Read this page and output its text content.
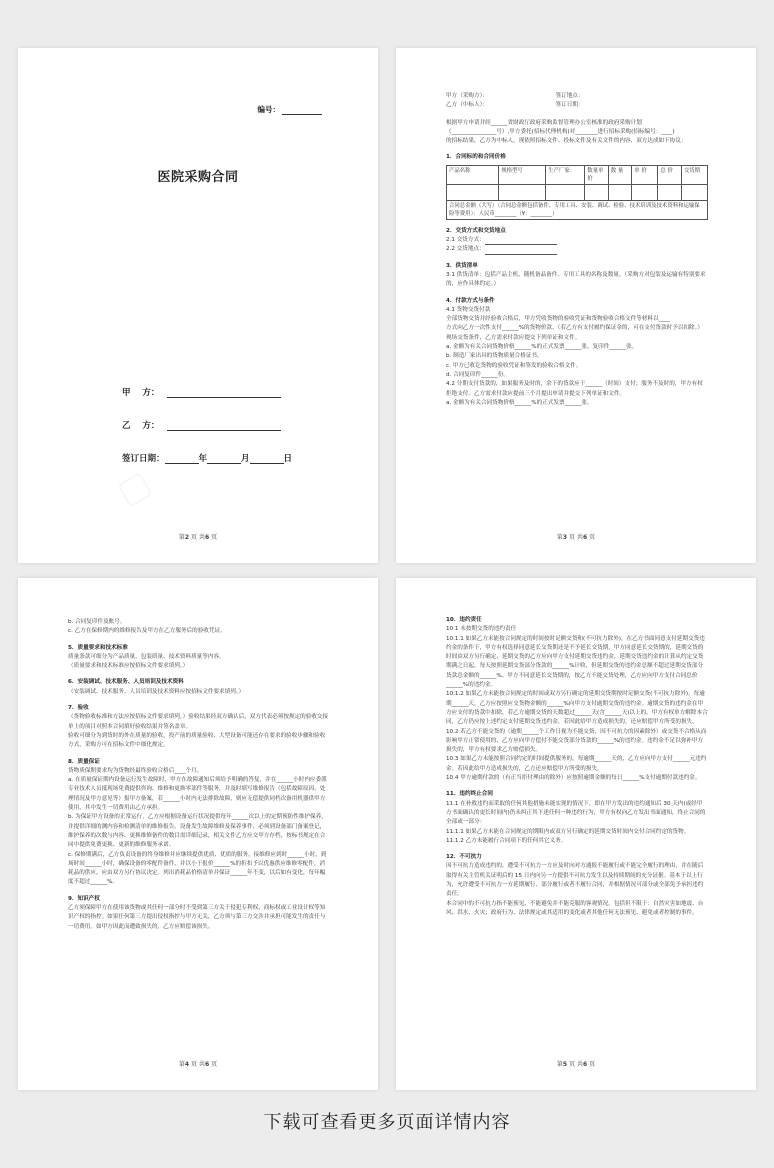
编号：
医院采购合同
甲    方：
乙    方：
签订日期：	年	月	日
第2 页 共6 页

甲方（采购方）：                                      签订地点：

乙方（中标人）：                                      签订日期：

根据甲方申请并经______省财政厅政府采购监督管理办公室核准的政府采购计划

（________________号）,甲方委托(招标代理机构)对________进行招标采购(招标编号：____)

的招标结果，乙方为中标人，现依照招标文件、投标文件及有关文件的内容，双方达成如下协议：

1．合同标的和合同价格

产品名称	规格型号	生产厂家	数量单价	数 量	单 价	总 价	交货期

合同总金额（大写）（合同总金额包括备件、专用工具、安装、调试、检验、技术培训及技术资料和运输保险等费用）：人民币________（¥：________）							

2．交货方式和交货地点

2.1 交货方式：

2.2 交货地点：

3．供货清单

3.1 供货清单：包括产品主机、随机备品备件、专用工具的名称及数量。（采购方对包装及运输有特别要求的，应作具体约定。）

4．付款方式与条件

4.1 货物交货付款

全部货物交货并经验收合格后，甲方凭收货物的验收凭证和货物验收合格文件等材料以____

方式向乙方一次性支付______%的货物价款。（若乙方有支付履约保证金的，可在支付货款时予以扣除。）

现场交货条件，乙方需求付款应提交下列单证和文件。

a. 金额为有关合同货物价格______%的正式发票______张，复印件______张。

b. 制造厂家出具的货物质量合格证书。

c. 甲方已收讫货物的验收凭证和签发的验收合格文件。

d. 合同复印件______份。

4.2 分期支付货款的，如果服务及时的，余下的货款应于______（时间）支付；服务不及时的，甲方有权拒绝支付。乙方需求付款应提前三个月提出申请并提交下列单证和文件。

a. 金额为有关合同货物价格______%的正式发票______张。

第3 页 共6 页

b. 合同复印件及账号。

c. 乙方在保修期内的维修报告及甲方在乙方服务后的验收凭证。

5．质量要求和技术标准

质量条款可细分为产品质量、包装质量、技术资料质量等内容。

（质量要求和技术标准应按招标文件要求填列。）

6．安装调试、技术服务、人员培训及技术资料

（安装调试、技术服务、人员培训及技术资料应按招标文件要求填列。）

7．验收

（货物验收标准和方法应按招标文件要求填列。）验收结果经双方确认后，双方代表必须按规定的验收交接单上的项目对照本合同填好验收结果并签名盖章。

验收可细分为到货时的外在质量的验收，投产前的质量验收，大型设备可能还存在要求的验收步骤和验收方式，采购方可在招标文件中细化规定。

8．质量保证

货物质保期要求均为货物经最终验收合格后____个月。

a. 在质量保证期内设备运行发生故障时，甲方在故障通知后须给予明确的答复，并在______小时内应委派专业技术人员抵现场免费提供咨询、维修和更换零部件等服务，并及时填写维修报告（包括故障原因、处理情况及甲方意见等）报甲方备案，若______小时内无法排除故障，则应无偿提供同档次备用机器供甲方使用，其中发生一切费用由乙方承担。

b. 为保证甲方设备的正常运行，乙方应根据设备运行状况提供每年______次以上的定期预防性维护保养，并提供详细的测内容和检测清单的维修报告。设备发生故障维修及保养事件，必须到设备部门备案登记，维护保养的次数与内容、更换维修备件的数目需详细记录，相关文件乙方应交甲方存档，按标书规定在合同中提供免费更换、更新的维修服务承诺。

c. 保修期满后，乙方负责设备的终身维修并应继续提供优质、优质的服务，接维修应到时______小时，到场时间______小时，确保设备的零配件备件，并以小于报价______%的折扣予以优惠供应维修零配件。消耗品的供应，应由双方另行协议决定。列出消耗品价格清单并保证______年不变，以后如有变化，每年幅度不超过______%。

9．知识产权

乙方须保障甲方在使用该货物或其任何一部分时不受到第三方关于侵犯专利权、商标权或工业设计权等知识产权的指控。如果任何第三方提出侵权指控与甲方无关，乙方须与第三方交涉并承担可能发生的责任与一切费用。如甲方因此而遭致损失的，乙方应赔偿该损失。

第4 页 共6 页

10．违约责任

10.1 未按期交货的违约责任

10.1.1 如果乙方未能按合同规定的时间按时足额交货和(不可抗力除外)，在乙方书面同意支付延期交货违约金的条件下，甲方有权选择同意延长交货期还是不予延长交货期，甲方同意延长交货期的，延期交货的时间由双方另行确定，延期交货的乙方应向甲方支付延期交货违约金，延期交货违约金的计算从约定交货期满之日起，每天按照延期交货部分货款的______%计收，但延期交货的违约金总额不超过延期交货部分货款总金额的______%。甲方不同意延长交货期的，按乙方不能交货处理，乙方应向甲方支付合同总价______%的违约金。

10.1.2 如果乙方未能按合同规定的时间或双方另行确定的延期交货期按时足额交货(不可抗力除外)，每逾期______天，乙方应按照应交货物金额的______%向甲方支付逾期交货的违约金。逾期交货的违约金在甲方应支付的货款中扣除，若乙方逾期交货的天数超过______天(含______天)以上的，甲方有权单方解除本合同，乙方仍应按上述约定支付延期交货违约金，若因此给甲方造成损失的，还应赔偿甲方所受的损失。

10.2 若乙方不能交货的（逾期______个工作日视为不能交货，因不可抗力的因素除外）或交货不合格从而影响甲方正常使用的，乙方应向甲方偿付不能交货部分货款的______%的违约金。违约金不足以弥补甲方损失的，甲方有权要求乙方赔偿损失。

10.3 如果乙方未能按照合同约定的时间提供服务的，每逾期______天的，乙方应向甲方支付______元违约金。若因此给甲方造成损失的，乙方还应赔偿甲方所受的损失。

10.4 甲方逾期付款的（有正当拒付理由的除外）应按照逾期金额的每日______%支付逾期付款违约金。

11．违约终止合同

11.1 在补救违约而采取的任何其他措施未能实现的情况下，即在甲方发出的违约通知后 30 天内(或经甲方书面确认的更长时间内)仍未纠正其下述任何一种违约行为，甲方有权向乙方发出书面通知，终止合同的全部或一部分：

11.1.1 如果乙方未能在合同规定的期限内或双方另行确定的延期交货时间内交付合同约定的货物。

11.1.2 乙方未能履行合同项下的任何其它义务。

12．不可抗力

因不可抗力造成违约的，遭受不可抗力一方应及时向对方通报不能履行或不能完全履行的理由，并在随后取得有关主管机关证明后的 15 日内向另一方提供不可抗力发生以及持续期间的充分证据。基本于以上行为，允许遭受不可抗力一方延期履行、部分履行或者不履行合同，并根据情况可部分或全部免予承担违约责任。

本合同中的不可抗力指不能预见、不能避免并不能克服的客观情况。包括但不限于：自然灾害如地震、台风、洪水、火灾；政府行为、法律规定或其适用的变化或者其他任何无法预见、避免或者控制的事件。

第5 页 共6 页
下载可查看更多页面详情内容
